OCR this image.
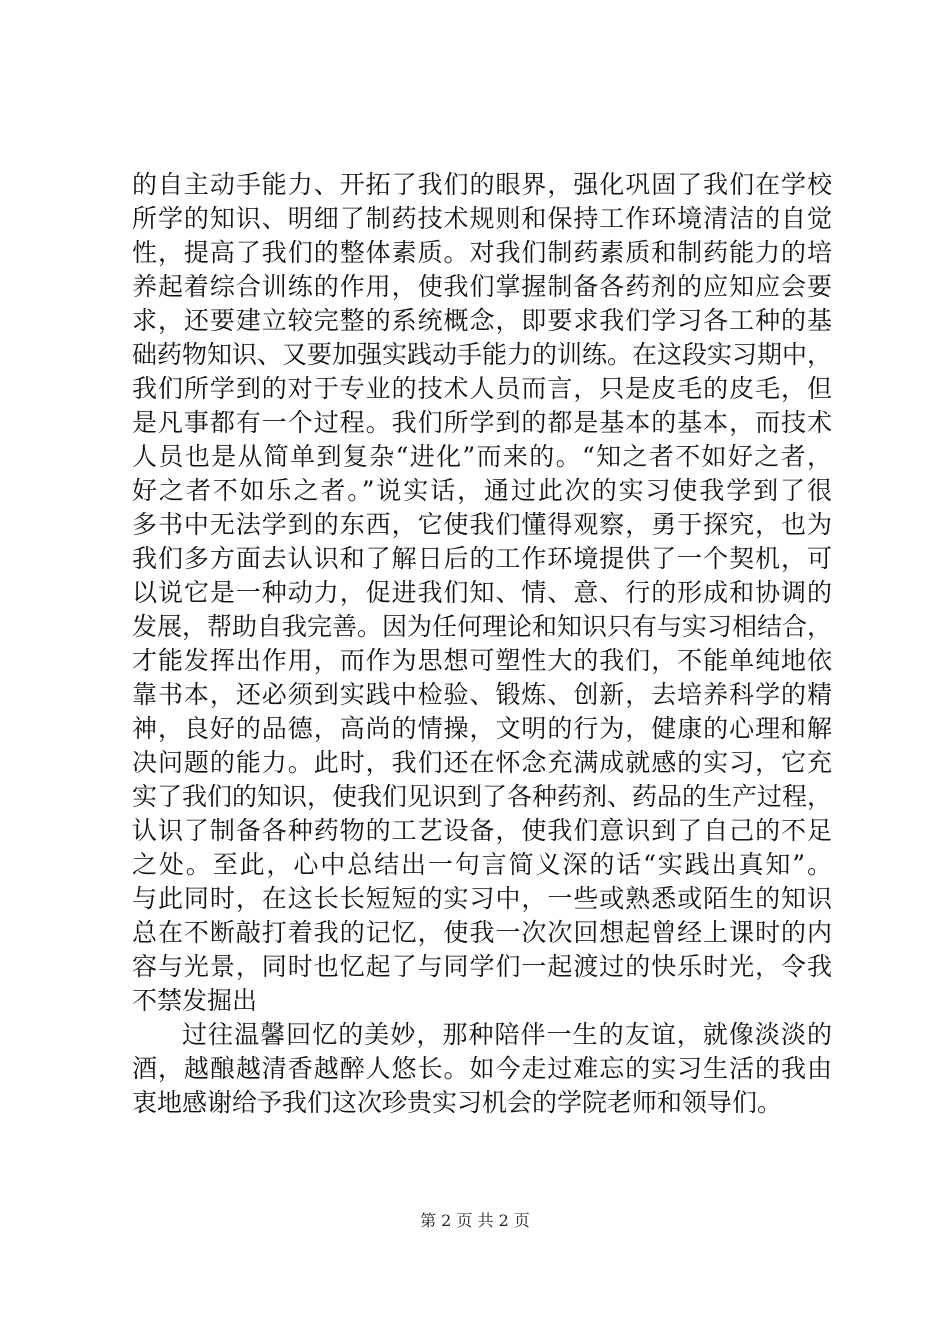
的自主动手能力、开拓了我们的眼界，强化巩固了我们在学校
所学的知识、明细了制药技术规则和保持工作环境清洁的自觉
性，提高了我们的整体素质。对我们制药素质和制药能力的培
养起着综合训练的作用，使我们掌握制备各药剂的应知应会要
求，还要建立较完整的系统概念，即要求我们学习各工种的基
础药物知识、又要加强实践动手能力的训练。在这段实习期中，
我们所学到的对于专业的技术人员而言，只是皮毛的皮毛，但
是凡事都有一个过程。我们所学到的都是基本的基本，而技术
人员也是从简单到复杂“进化”而来的。“知之者不如好之者，
好之者不如乐之者。”说实话，通过此次的实习使我学到了很
多书中无法学到的东西，它使我们懂得观察，勇于探究，也为
我们多方面去认识和了解日后的工作环境提供了一个契机，可
以说它是一种动力，促进我们知、情、意、行的形成和协调的
发展，帮助自我完善。因为任何理论和知识只有与实习相结合，
才能发挥出作用，而作为思想可塑性大的我们，不能单纯地依
靠书本，还必须到实践中检验、锻炼、创新，去培养科学的精
神，良好的品德，高尚的情操，文明的行为，健康的心理和解
决问题的能力。此时，我们还在怀念充满成就感的实习，它充
实了我们的知识，使我们见识到了各种药剂、药品的生产过程，
认识了制备各种药物的工艺设备，使我们意识到了自己的不足
之处。至此，心中总结出一句言简义深的话“实践出真知”。
与此同时，在这长长短短的实习中，一些或熟悉或陌生的知识
总在不断敲打着我的记忆，使我一次次回想起曾经上课时的内
容与光景，同时也忆起了与同学们一起渡过的快乐时光，令我
不禁发掘出
过往温馨回忆的美妙，那种陪伴一生的友谊，就像淡淡的
酒，越酿越清香越醉人悠长。如今走过难忘的实习生活的我由
衷地感谢给予我们这次珍贵实习机会的学院老师和领导们。
第 2 页 共 2 页
